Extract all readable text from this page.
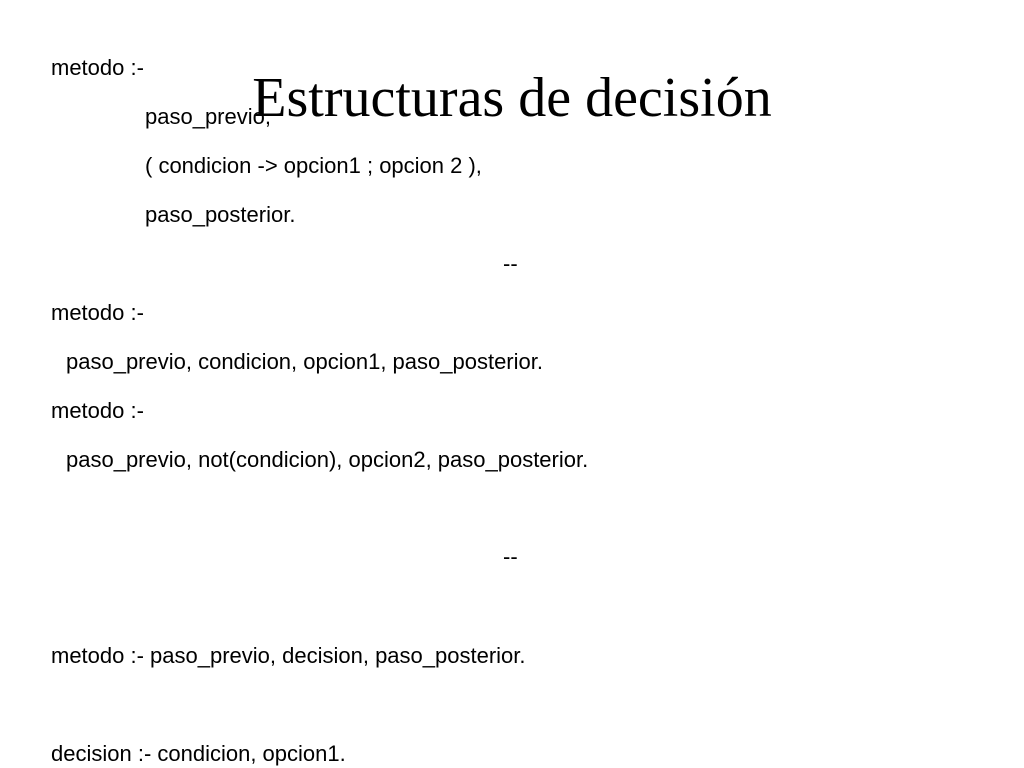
metodo :-
paso_previo,
( condicion -> opcion1 ; opcion 2 ),
paso_posterior.
--
metodo :-
paso_previo, condicion, opcion1, paso_posterior.
metodo :-
paso_previo, not(condicion), opcion2, paso_posterior.
--
metodo :- paso_previo, decision, paso_posterior.
decision :- condicion, opcion1.
Estructuras de decisión
